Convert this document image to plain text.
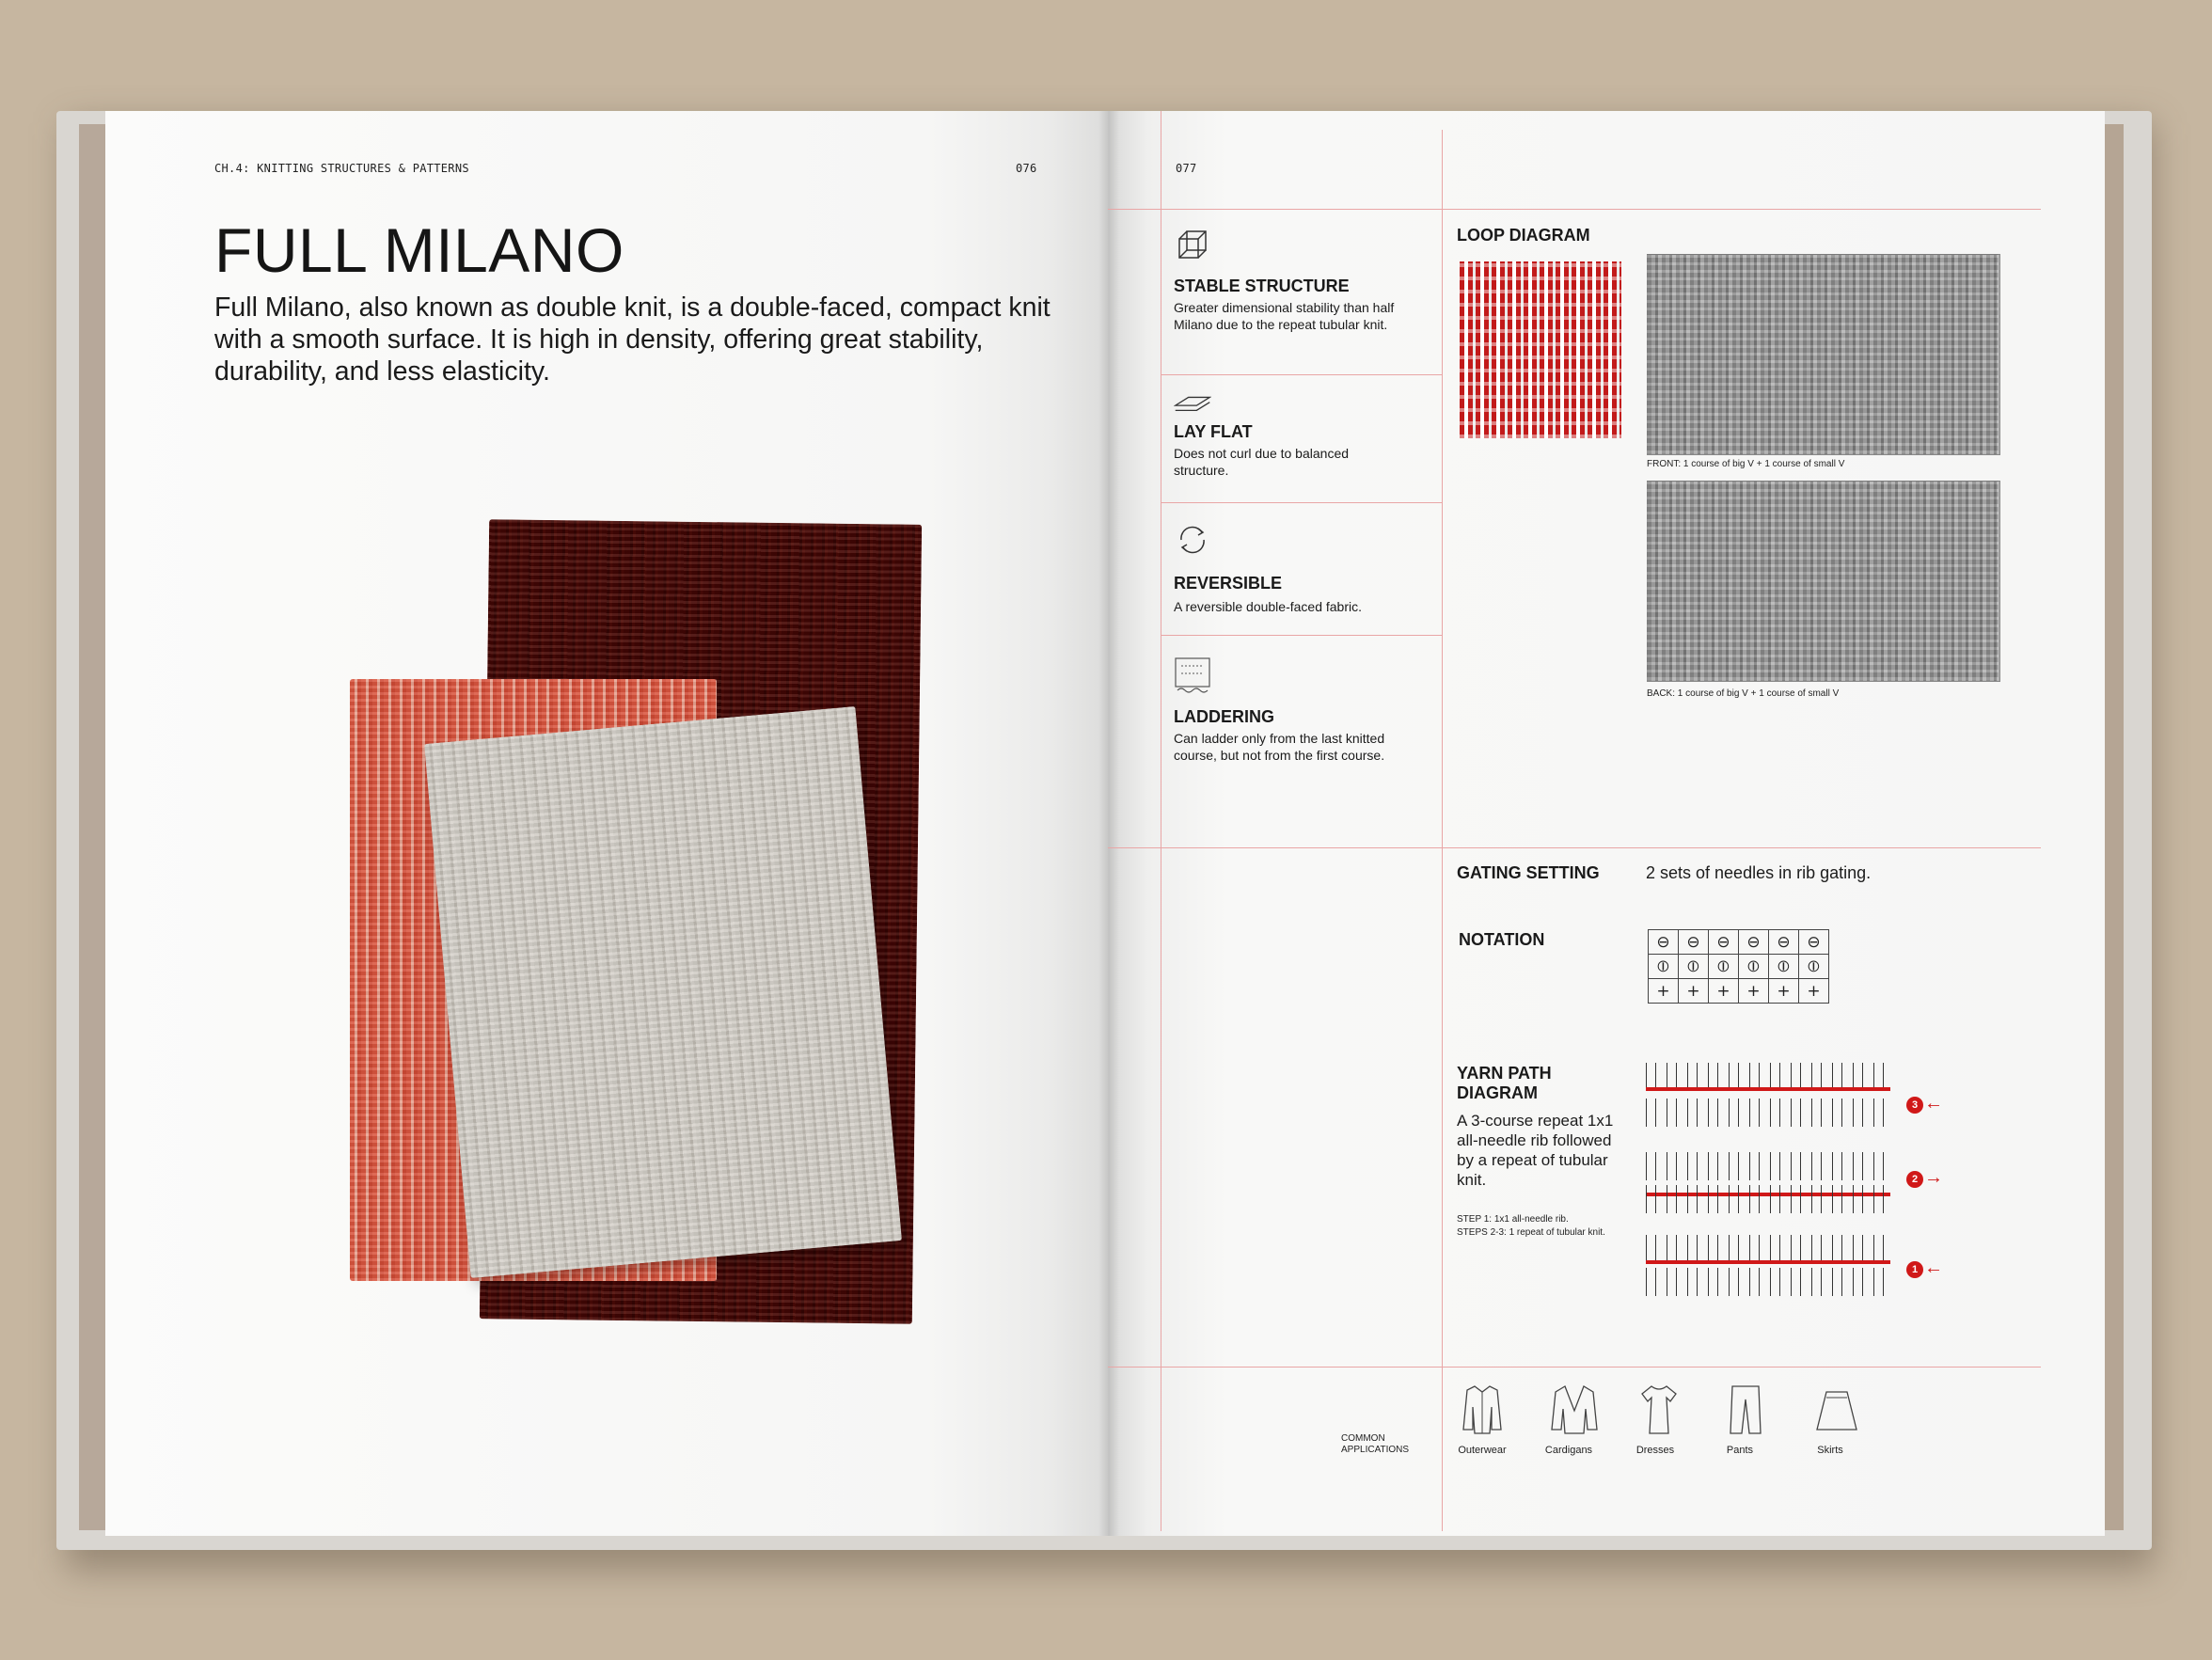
CH.4: KNITTING STRUCTURES & PATTERNS	076
FULL MILANO
Full Milano, also known as double knit, is a double-faced, compact knit with a smooth surface. It is high in density, offering great stability, durability, and less elasticity.
077
STABLE STRUCTURE
Greater dimensional stability than half Milano due to the repeat tubular knit.
LAY FLAT
Does not curl due to balanced structure.
REVERSIBLE
A reversible double-faced fabric.
LADDERING
Can ladder only from the last knitted course, but not from the first course.
LOOP DIAGRAM
FRONT: 1 course of big V + 1 course of small V
BACK: 1 course of big V + 1 course of small V
GATING SETTING	2 sets of needles in rib gating.
NOTATION	⊖	⊖	⊖	⊖	⊖	⊖
⦶	⦶	⦶	⦶	⦶	⦶
+	+	+	+	+	+
YARN PATH DIAGRAM
A 3-course repeat 1x1 all-needle rib followed by a repeat of tubular knit.
STEP 1: 1x1 all-needle rib.
STEPS 2-3: 1 repeat of tubular knit.
3 ←
2 →
1 ←
COMMON APPLICATIONS	Outerwear	Cardigans	Dresses	Pants	Skirts
